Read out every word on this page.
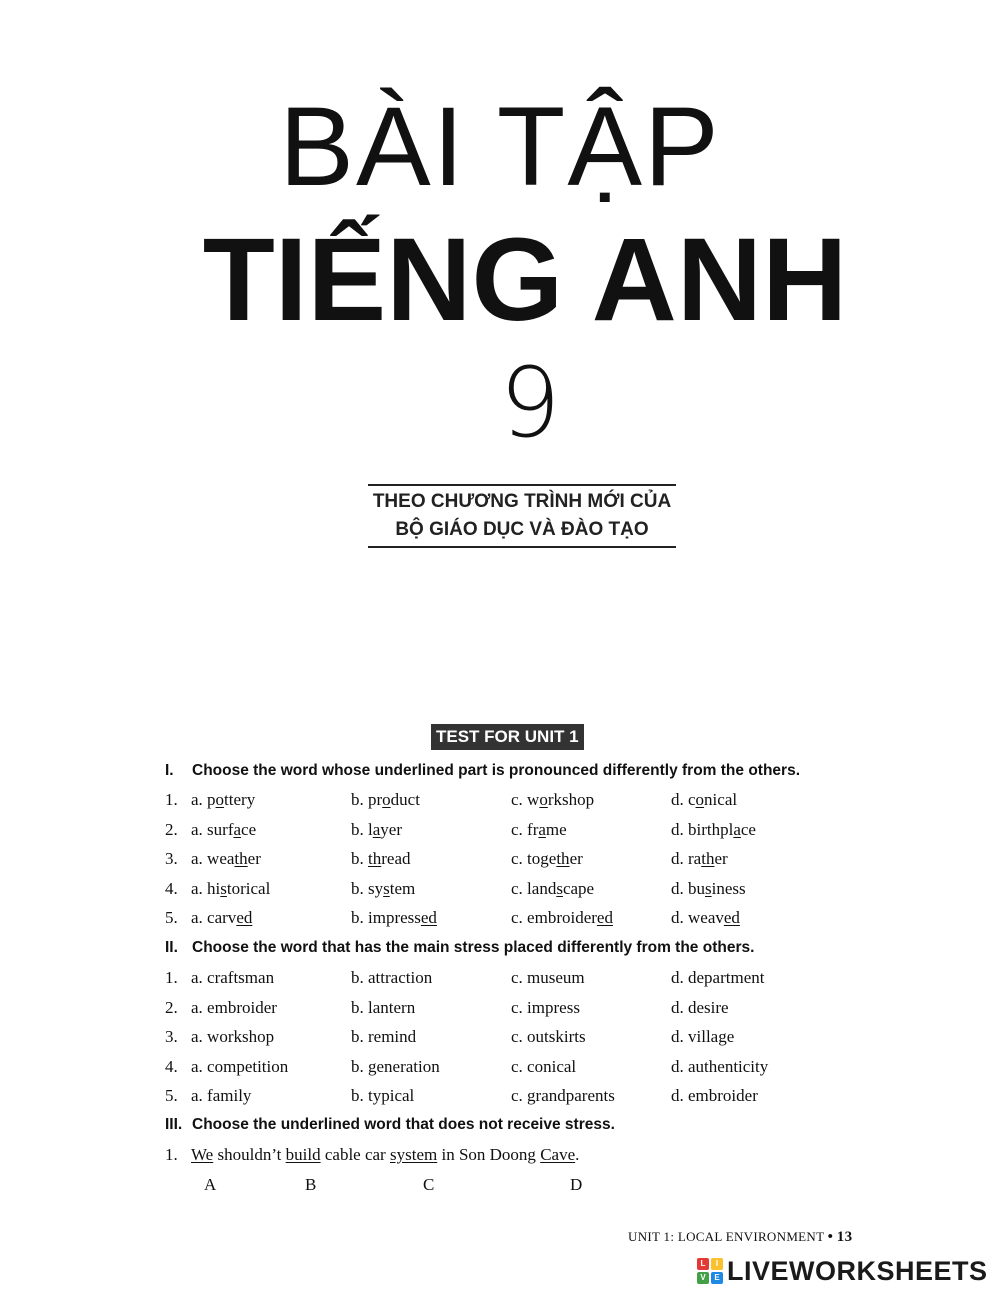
BÀI TẬP
TIẾNG ANH
9
THEO CHƯƠNG TRÌNH MỚI CỦA
BỘ GIÁO DỤC VÀ ĐÀO TẠO
TEST FOR UNIT 1
I. Choose the word whose underlined part is pronounced differently from the others.
1. a. pottery	b. product	c. workshop	d. conical
2. a. surface	b. layer	c. frame	d. birthplace
3. a. weather	b. thread	c. together	d. rather
4. a. historical	b. system	c. landscape	d. business
5. a. carved	b. impressed	c. embroidered	d. weaved
II. Choose the word that has the main stress placed differently from the others.
1. a. craftsman	b. attraction	c. museum	d. department
2. a. embroider	b. lantern	c. impress	d. desire
3. a. workshop	b. remind	c. outskirts	d. village
4. a. competition	b. generation	c. conical	d. authenticity
5. a. family	b. typical	c. grandparents	d. embroider
III. Choose the underlined word that does not receive stress.
1. We shouldn’t build cable car system in Son Doong Cave.
A	B	C	D
UNIT 1: LOCAL ENVIRONMENT • 13
L	I
V	E LIVEWORKSHEETS
